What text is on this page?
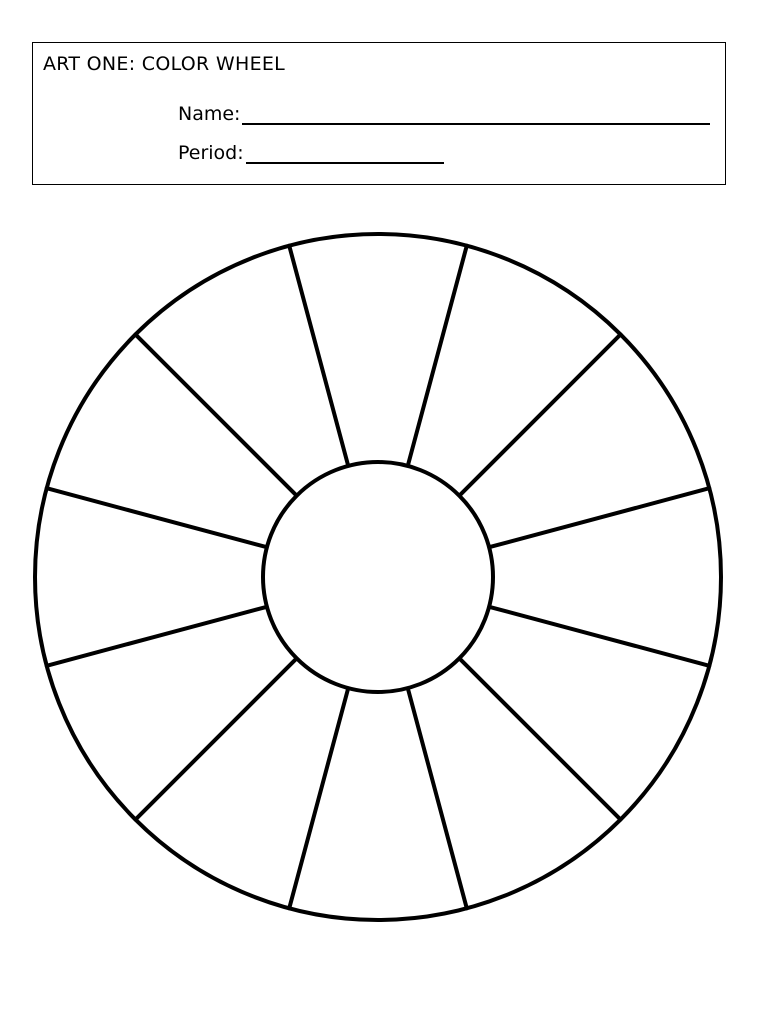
ART ONE: COLOR WHEEL
Name:
Period:
